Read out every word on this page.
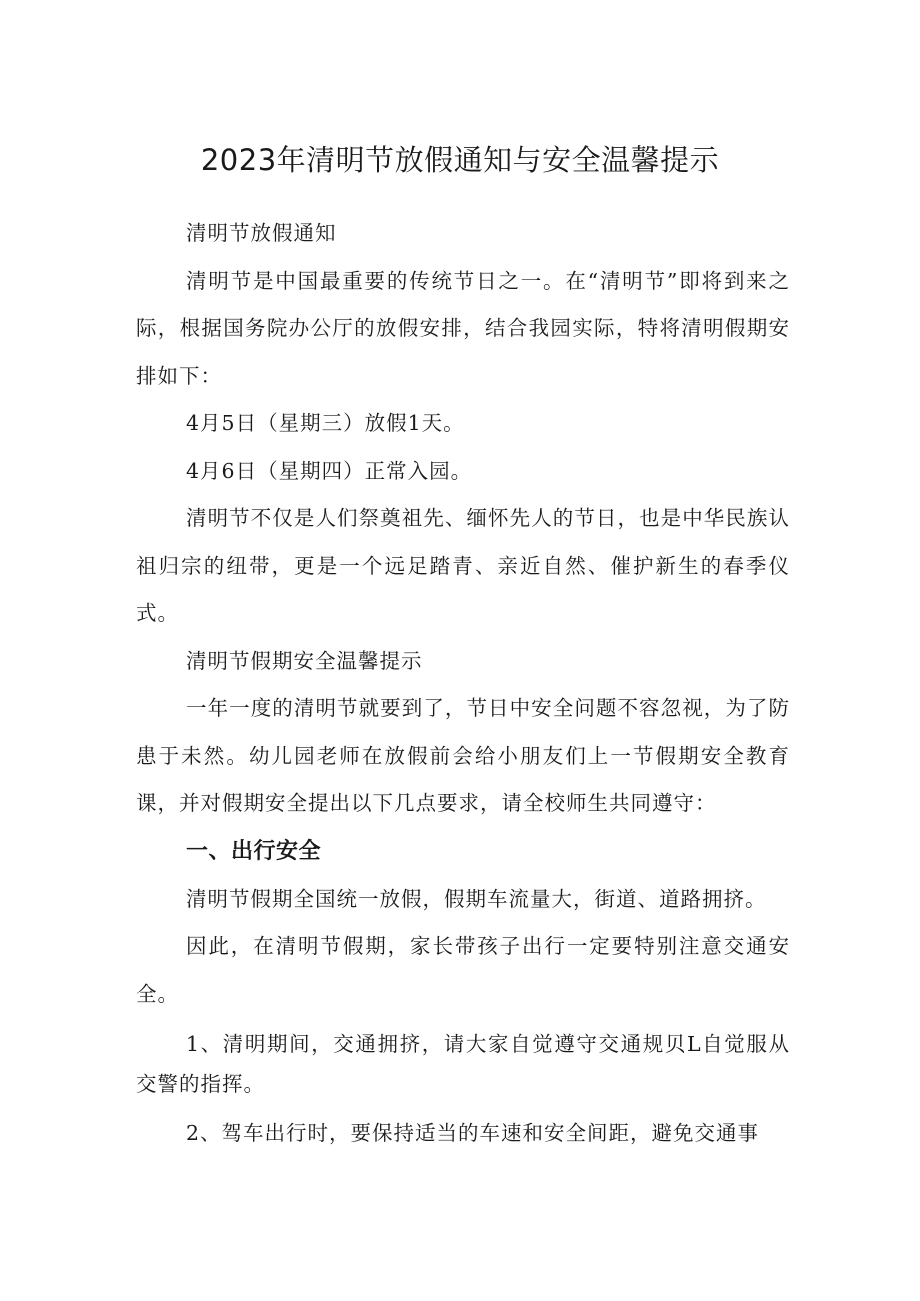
2023年清明节放假通知与安全温馨提示

清明节放假通知

清明节是中国最重要的传统节日之一。在“清明节”即将到来之际，根据国务院办公厅的放假安排，结合我园实际，特将清明假期安排如下：

4月5日（星期三）放假1天。

4月6日（星期四）正常入园。

清明节不仅是人们祭奠祖先、缅怀先人的节日，也是中华民族认祖归宗的纽带，更是一个远足踏青、亲近自然、催护新生的春季仪式。

清明节假期安全温馨提示

一年一度的清明节就要到了，节日中安全问题不容忽视，为了防患于未然。幼儿园老师在放假前会给小朋友们上一节假期安全教育课，并对假期安全提出以下几点要求，请全校师生共同遵守：

一、出行安全

清明节假期全国统一放假，假期车流量大，街道、道路拥挤。

因此，在清明节假期，家长带孩子出行一定要特别注意交通安全。

1、清明期间，交通拥挤，请大家自觉遵守交通规贝L自觉服从交警的指挥。

2、驾车出行时，要保持适当的车速和安全间距，避免交通事
